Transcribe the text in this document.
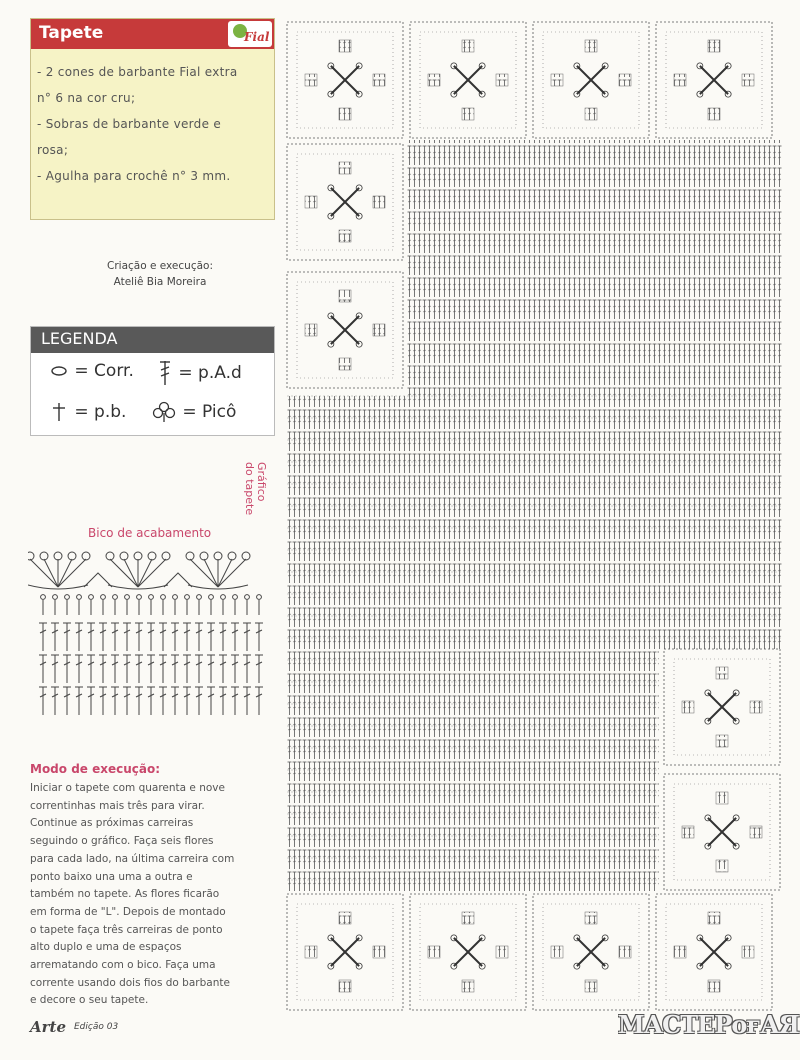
Tapete	Fial
- 2 cones de barbante Fial extra
n° 6 na cor cru;
- Sobras de barbante verde e
rosa;
- Agulha para crochê n° 3 mm.
Criação e execução:
Ateliê Bia Moreira
LEGENDA
= Corr.	= p.A.d
= p.b.	= Picô
Gráfico
do tapete
Bico de acabamento
Modo de execução:
Iniciar o tapete com quarenta e nove
correntinhas mais três para virar.
Continue as próximas carreiras
seguindo o gráfico. Faça seis flores
para cada lado, na última carreira com
ponto baixo una uma a outra e
também no tapete. As flores ficarão
em forma de "L". Depois de montado
o tapete faça três carreiras de ponto
alto duplo e uma de espaços
arrematando com o bico. Faça uma
corrente usando dois fios do barbante
e decore o seu tapete.
Arte Edição 03	МАСТЕРоғАЯ
